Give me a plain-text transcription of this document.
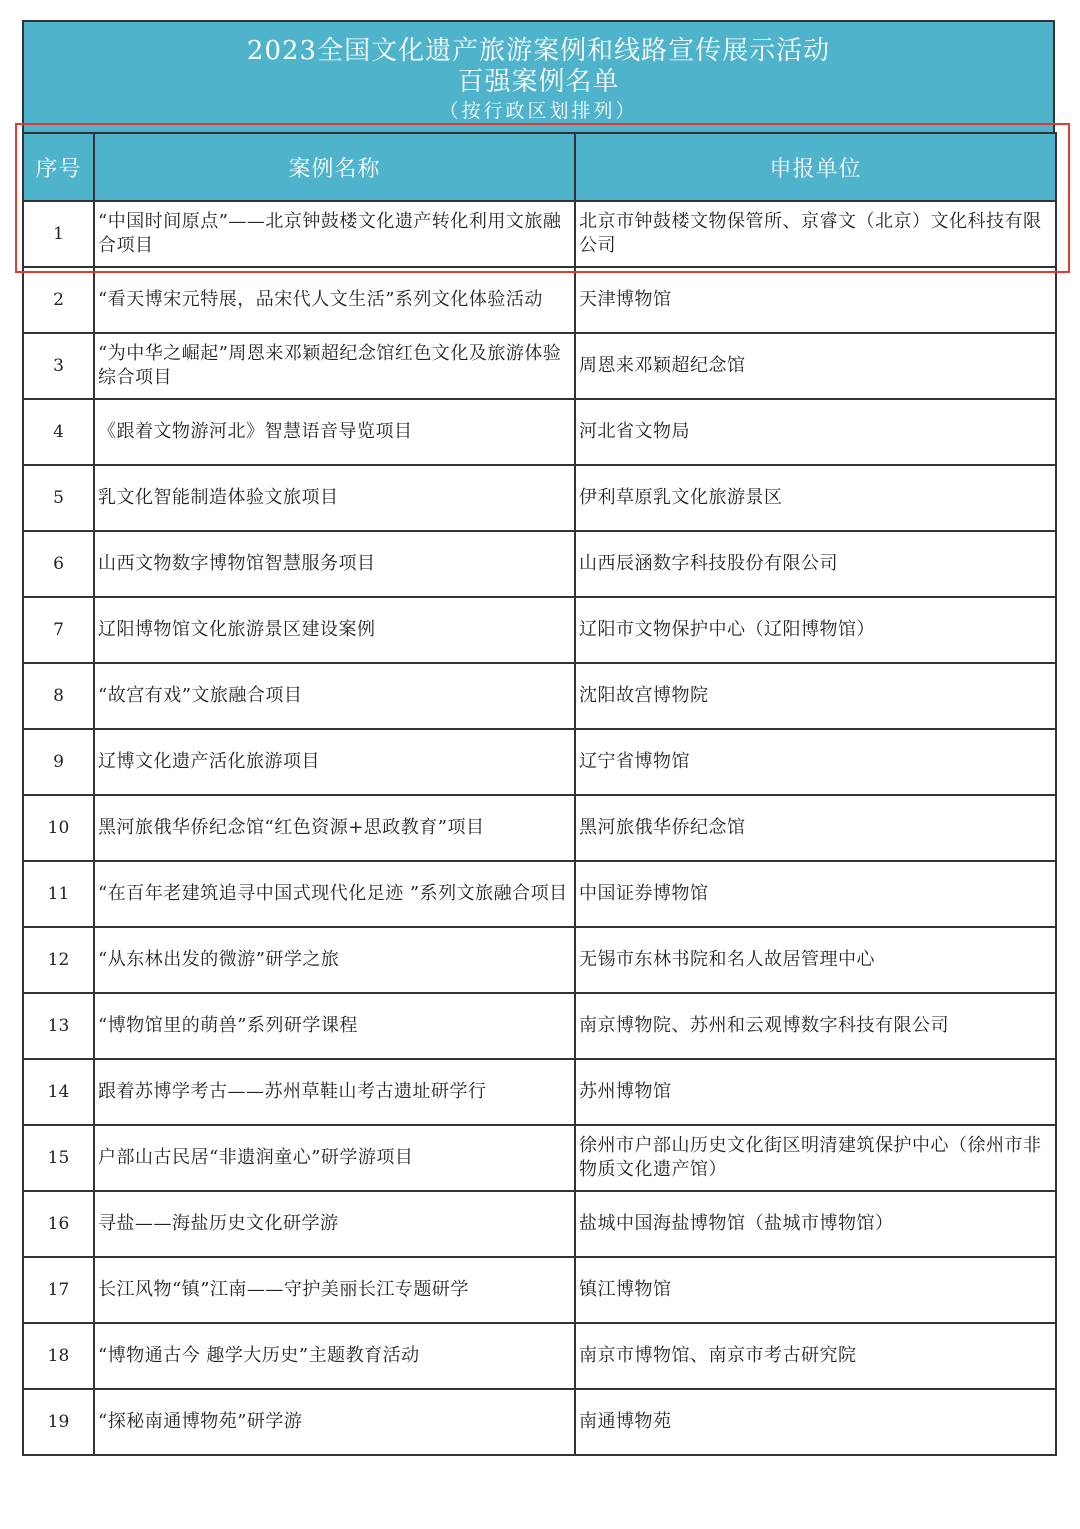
2023全国文化遗产旅游案例和线路宣传展示活动
百强案例名单
（按行政区划排列）
序号	案例名称	申报单位
1	“中国时间原点”——北京钟鼓楼文化遗产转化利用文旅融合项目	北京市钟鼓楼文物保管所、京睿文（北京）文化科技有限公司
2	“看天博宋元特展，品宋代人文生活”系列文化体验活动	天津博物馆
3	“为中华之崛起”周恩来邓颖超纪念馆红色文化及旅游体验综合项目	周恩来邓颖超纪念馆
4	《跟着文物游河北》智慧语音导览项目	河北省文物局
5	乳文化智能制造体验文旅项目	伊利草原乳文化旅游景区
6	山西文物数字博物馆智慧服务项目	山西辰涵数字科技股份有限公司
7	辽阳博物馆文化旅游景区建设案例	辽阳市文物保护中心（辽阳博物馆）
8	“故宫有戏”文旅融合项目	沈阳故宫博物院
9	辽博文化遗产活化旅游项目	辽宁省博物馆
10	黑河旅俄华侨纪念馆“红色资源+思政教育”项目	黑河旅俄华侨纪念馆
11	“在百年老建筑追寻中国式现代化足迹 ”系列文旅融合项目	中国证券博物馆
12	“从东林出发的微游”研学之旅	无锡市东林书院和名人故居管理中心
13	“博物馆里的萌兽”系列研学课程	南京博物院、苏州和云观博数字科技有限公司
14	跟着苏博学考古——苏州草鞋山考古遗址研学行	苏州博物馆
15	户部山古民居“非遗润童心”研学游项目	徐州市户部山历史文化街区明清建筑保护中心（徐州市非物质文化遗产馆）
16	寻盐——海盐历史文化研学游	盐城中国海盐博物馆（盐城市博物馆）
17	长江风物“镇”江南——守护美丽长江专题研学	镇江博物馆
18	“博物通古今 趣学大历史”主题教育活动	南京市博物馆、南京市考古研究院
19	“探秘南通博物苑”研学游	南通博物苑
